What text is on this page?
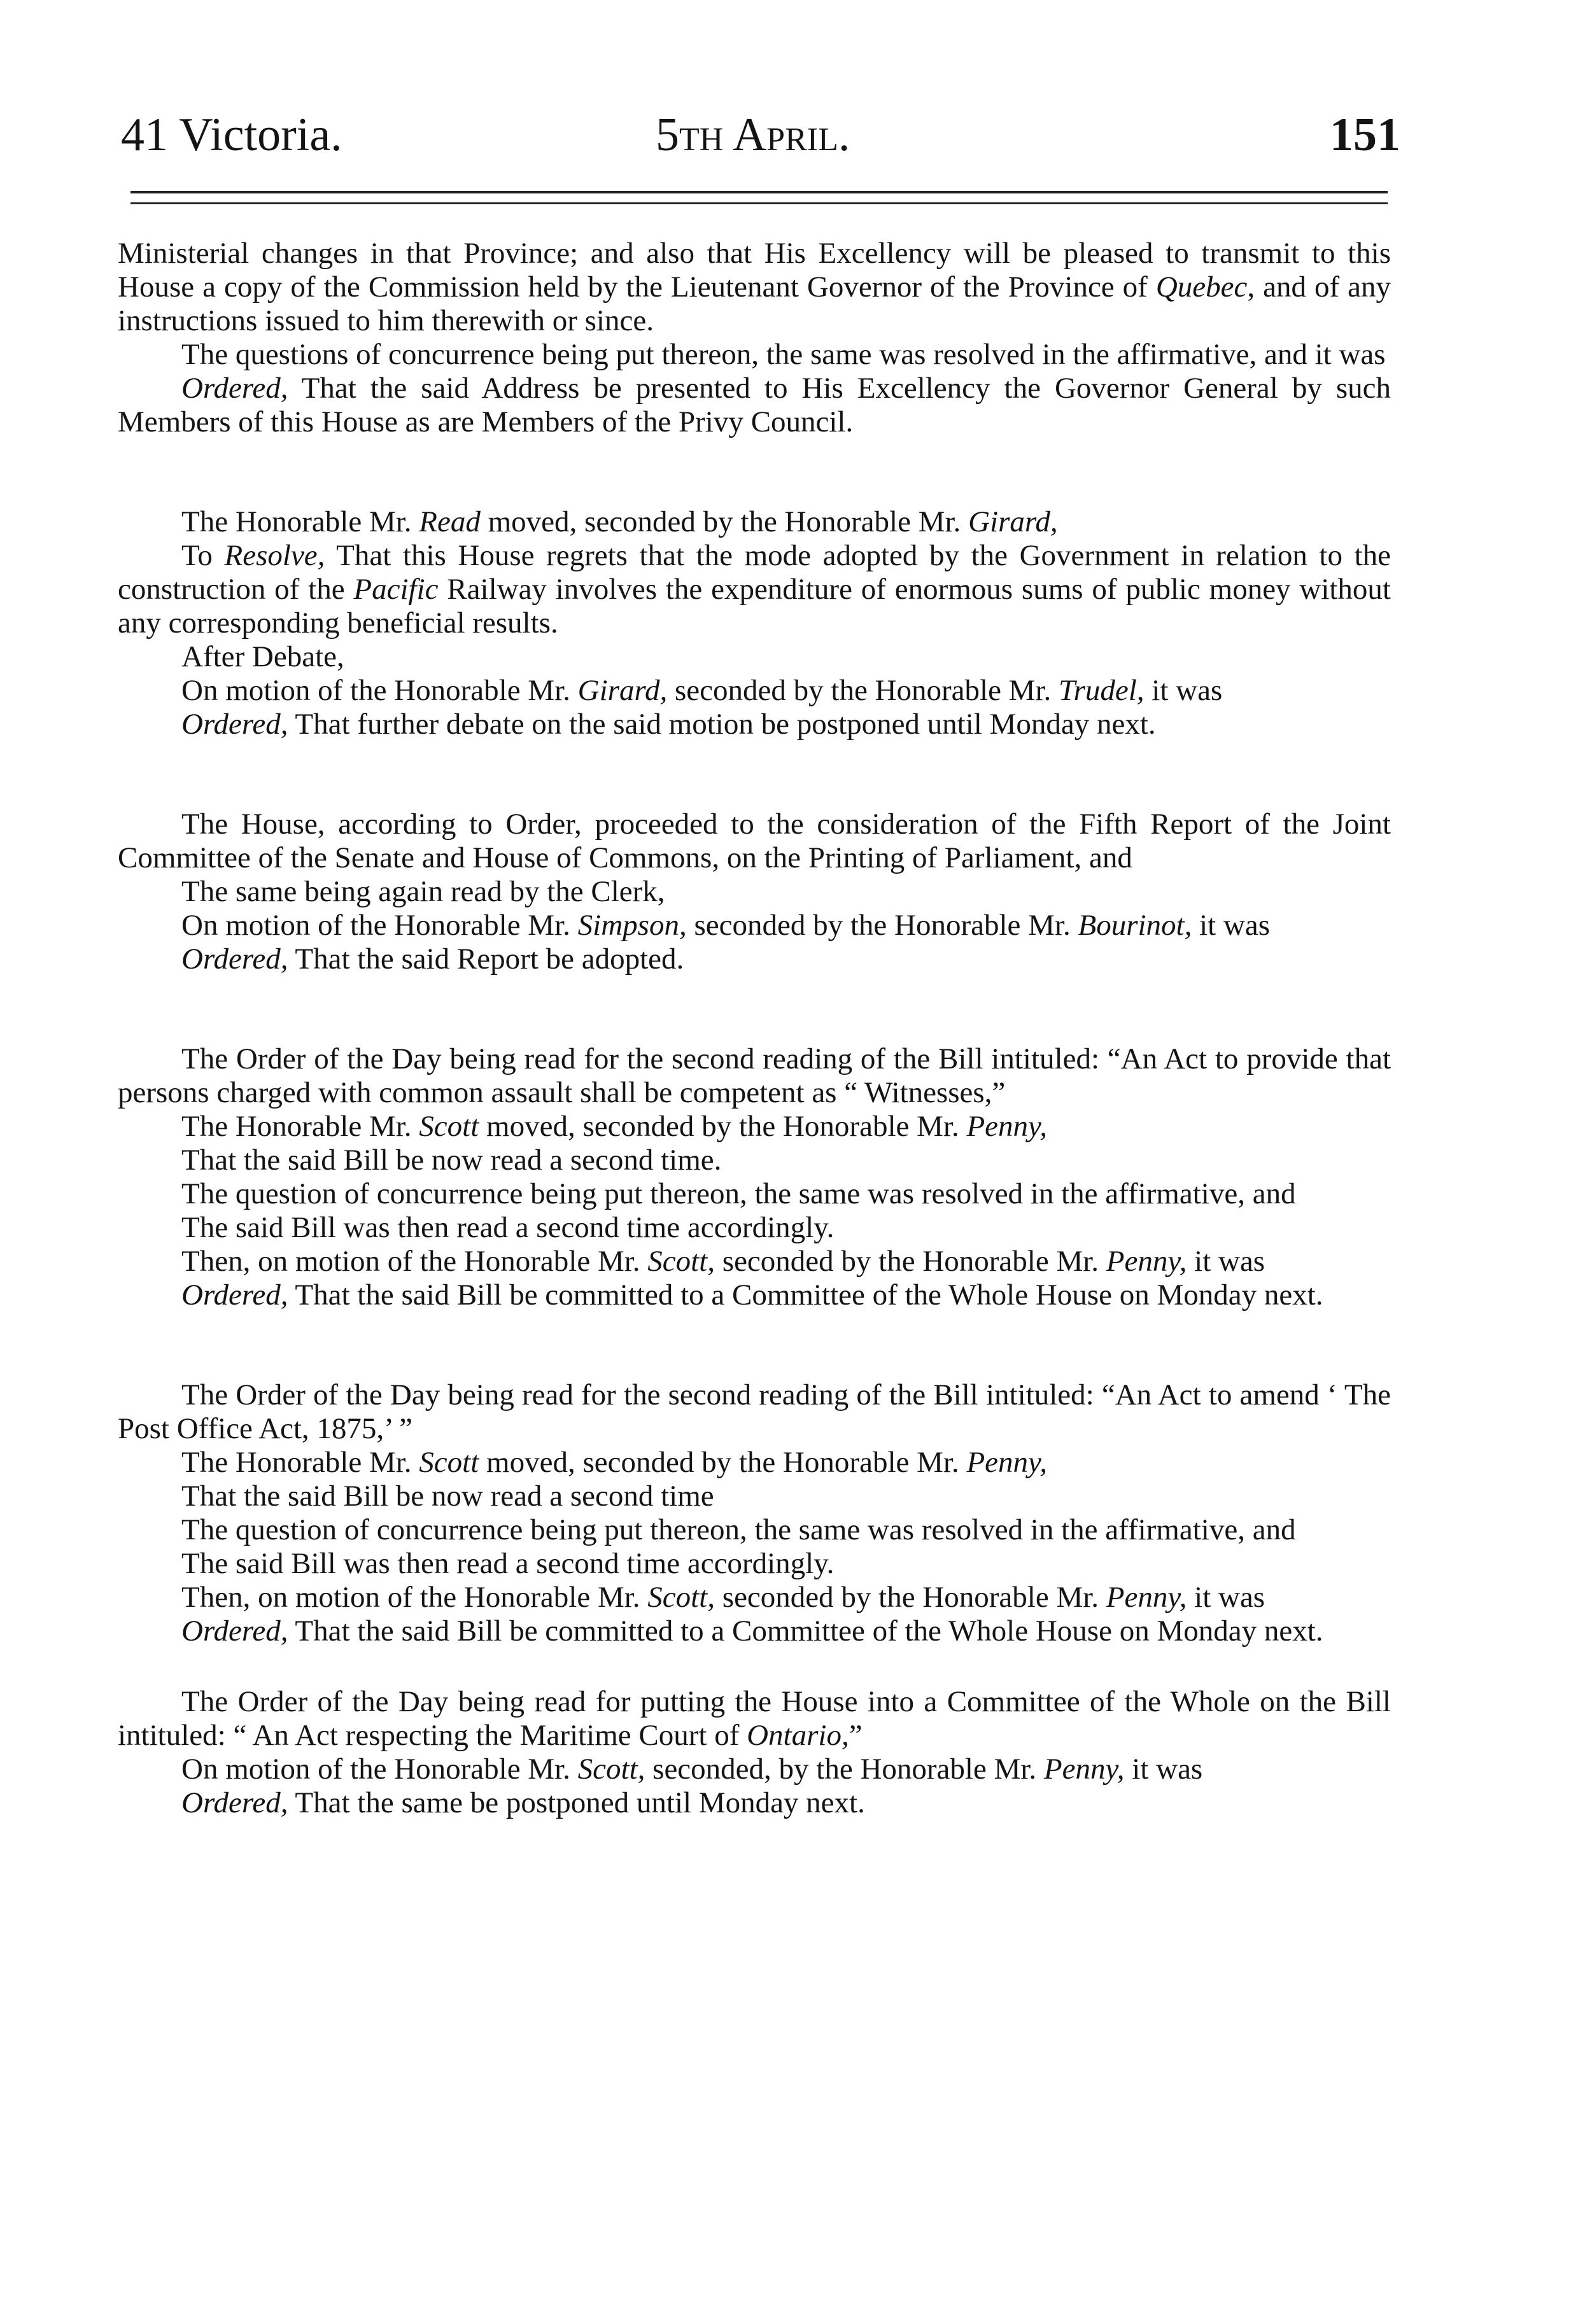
41 Victoria.	5th April.	151

Ministerial changes in that Province; and also that His Excellency will be pleased to transmit to this House a copy of the Commission held by the Lieutenant Governor of the Province of Quebec, and of any instructions issued to him therewith or since.

The questions of concurrence being put thereon, the same was resolved in the affirmative, and it was

Ordered, That the said Address be presented to His Excellency the Governor General by such Members of this House as are Members of the Privy Council.

The Honorable Mr. Read moved, seconded by the Honorable Mr. Girard,

To Resolve, That this House regrets that the mode adopted by the Government in relation to the construction of the Pacific Railway involves the expenditure of enormous sums of public money without any corresponding beneficial results.

After Debate,

On motion of the Honorable Mr. Girard, seconded by the Honorable Mr. Trudel, it was

Ordered, That further debate on the said motion be postponed until Monday next.

The House, according to Order, proceeded to the consideration of the Fifth Report of the Joint Committee of the Senate and House of Commons, on the Printing of Parliament, and

The same being again read by the Clerk,

On motion of the Honorable Mr. Simpson, seconded by the Honorable Mr. Bourinot, it was

Ordered, That the said Report be adopted.

The Order of the Day being read for the second reading of the Bill intituled: “An Act to provide that persons charged with common assault shall be competent as “ Witnesses,”

The Honorable Mr. Scott moved, seconded by the Honorable Mr. Penny,

That the said Bill be now read a second time.

The question of concurrence being put thereon, the same was resolved in the affirmative, and

The said Bill was then read a second time accordingly.

Then, on motion of the Honorable Mr. Scott, seconded by the Honorable Mr. Penny, it was

Ordered, That the said Bill be committed to a Committee of the Whole House on Monday next.

The Order of the Day being read for the second reading of the Bill intituled: “An Act to amend ‘ The Post Office Act, 1875,’ ”

The Honorable Mr. Scott moved, seconded by the Honorable Mr. Penny,

That the said Bill be now read a second time

The question of concurrence being put thereon, the same was resolved in the affirmative, and

The said Bill was then read a second time accordingly.

Then, on motion of the Honorable Mr. Scott, seconded by the Honorable Mr. Penny, it was

Ordered, That the said Bill be committed to a Committee of the Whole House on Monday next.

The Order of the Day being read for putting the House into a Committee of the Whole on the Bill intituled: “ An Act respecting the Maritime Court of Ontario,”

On motion of the Honorable Mr. Scott, seconded, by the Honorable Mr. Penny, it was

Ordered, That the same be postponed until Monday next.
